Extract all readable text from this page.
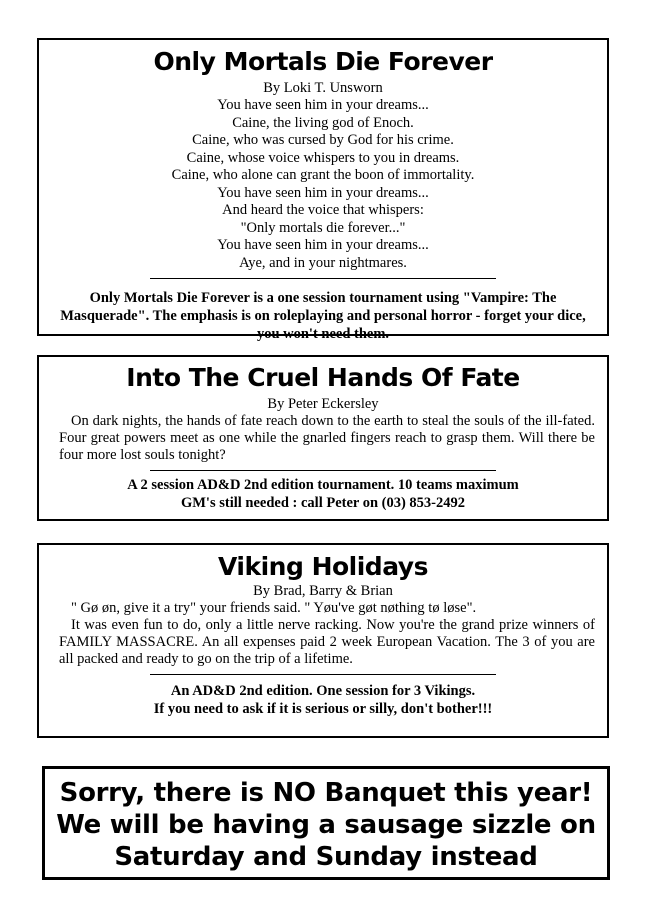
Only Mortals Die Forever

By Loki T. Unsworn

You have seen him in your dreams...

Caine, the living god of Enoch.

Caine, who was cursed by God for his crime.

Caine, whose voice whispers to you in dreams.

Caine, who alone can grant the boon of immortality.

You have seen him in your dreams...

And heard the voice that whispers:

"Only mortals die forever..."

You have seen him in your dreams...

Aye, and in your nightmares.

Only Mortals Die Forever is a one session tournament using "Vampire: The Masquerade". The emphasis is on roleplaying and personal horror - forget your dice, you won't need them.

Into The Cruel Hands Of Fate

By Peter Eckersley

On dark nights, the hands of fate reach down to the earth to steal the souls of the ill-fated. Four great powers meet as one while the gnarled fingers reach to grasp them. Will there be four more lost souls tonight?

A 2 session AD&D 2nd edition tournament. 10 teams maximum

GM's still needed : call Peter on (03) 853-2492

Viking Holidays

By Brad, Barry & Brian

" Gø øn, give it a try" your friends said. " Yøu've gøt nøthing tø løse".

It was even fun to do, only a little nerve racking. Now you're the grand prize winners of FAMILY MASSACRE. An all expenses paid 2 week European Vacation. The 3 of you are all packed and ready to go on the trip of a lifetime.

An AD&D 2nd edition. One session for 3 Vikings.

If you need to ask if it is serious or silly, don't bother!!!

Sorry, there is NO Banquet this year!

We will be having a sausage sizzle on

Saturday and Sunday instead
